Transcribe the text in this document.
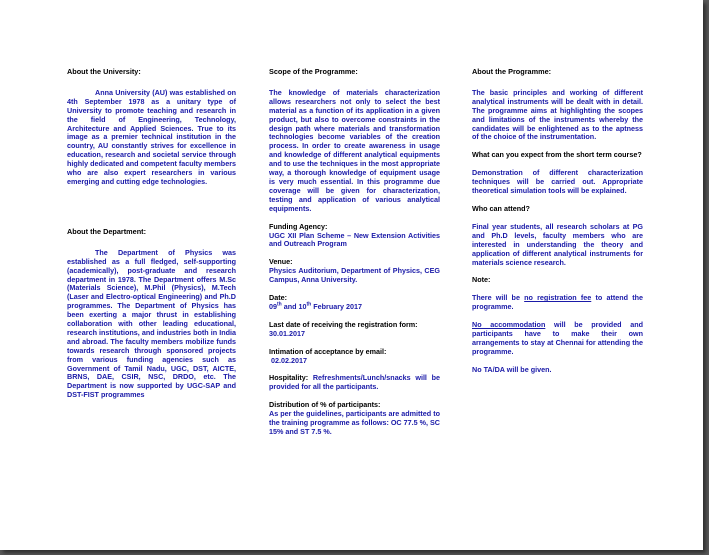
About the University:

Anna University (AU) was established on 4th September 1978 as a unitary type of University to promote teaching and research in the field of Engineering, Technology, Architecture and Applied Sciences. True to its image as a premier technical institution in the country, AU constantly strives for excellence in education, research and societal service through highly dedicated and competent faculty members who are also expert researchers in various emerging and cutting edge technologies.

About the Department:

The Department of Physics was established as a full fledged, self-supporting (academically), post-graduate and research department in 1978. The Department offers M.Sc (Materials Science), M.Phil (Physics), M.Tech (Laser and Electro-optical Engineering) and Ph.D programmes. The Department of Physics has been exerting a major thrust in establishing collaboration with other leading educational, research institutions, and industries both in India and abroad. The faculty members mobilize funds towards research through sponsored projects from various funding agencies such as Government of Tamil Nadu, UGC, DST, AICTE, BRNS, DAE, CSIR, NSC, DRDO, etc. The Department is now supported by UGC-SAP and DST-FIST programmes

Scope of the Programme:

The knowledge of materials characterization allows researchers not only to select the best material as a function of its application in a given product, but also to overcome constraints in the design path where materials and transformation technologies become variables of the creation process. In order to create awareness in usage and knowledge of different analytical equipments and to use the techniques in the most appropriate way, a thorough knowledge of equipment usage is very much essential. In this programme due coverage will be given for characterization, testing and application of various analytical equipments.

Funding Agency:

UGC XII Plan Scheme – New Extension Activities and Outreach Program

Venue:

Physics Auditorium, Department of Physics, CEG Campus, Anna University.

Date:

09th and 10th February 2017

Last date of receiving the registration form:

30.01.2017

Intimation of acceptance by email:

02.02.2017

Hospitality: Refreshments/Lunch/snacks will be provided for all the participants.

Distribution of % of participants:

As per the guidelines, participants are admitted to the training programme as follows: OC 77.5 %, SC 15% and ST 7.5 %.

About the Programme:

The basic principles and working of different analytical instruments will be dealt with in detail. The programme aims at highlighting the scopes and limitations of the instruments whereby the candidates will be enlightened as to the aptness of the choice of the instrumentation.

What can you expect from the short term course?

Demonstration of different characterization techniques will be carried out. Appropriate theoretical simulation tools will be explained.

Who can attend?

Final year students, all research scholars at PG and Ph.D levels, faculty members who are interested in understanding the theory and application of different analytical instruments for materials science research.

Note:

There will be no registration fee to attend the programme.

No accommodation will be provided and participants have to make their own arrangements to stay at Chennai for attending the programme.

No TA/DA will be given.
